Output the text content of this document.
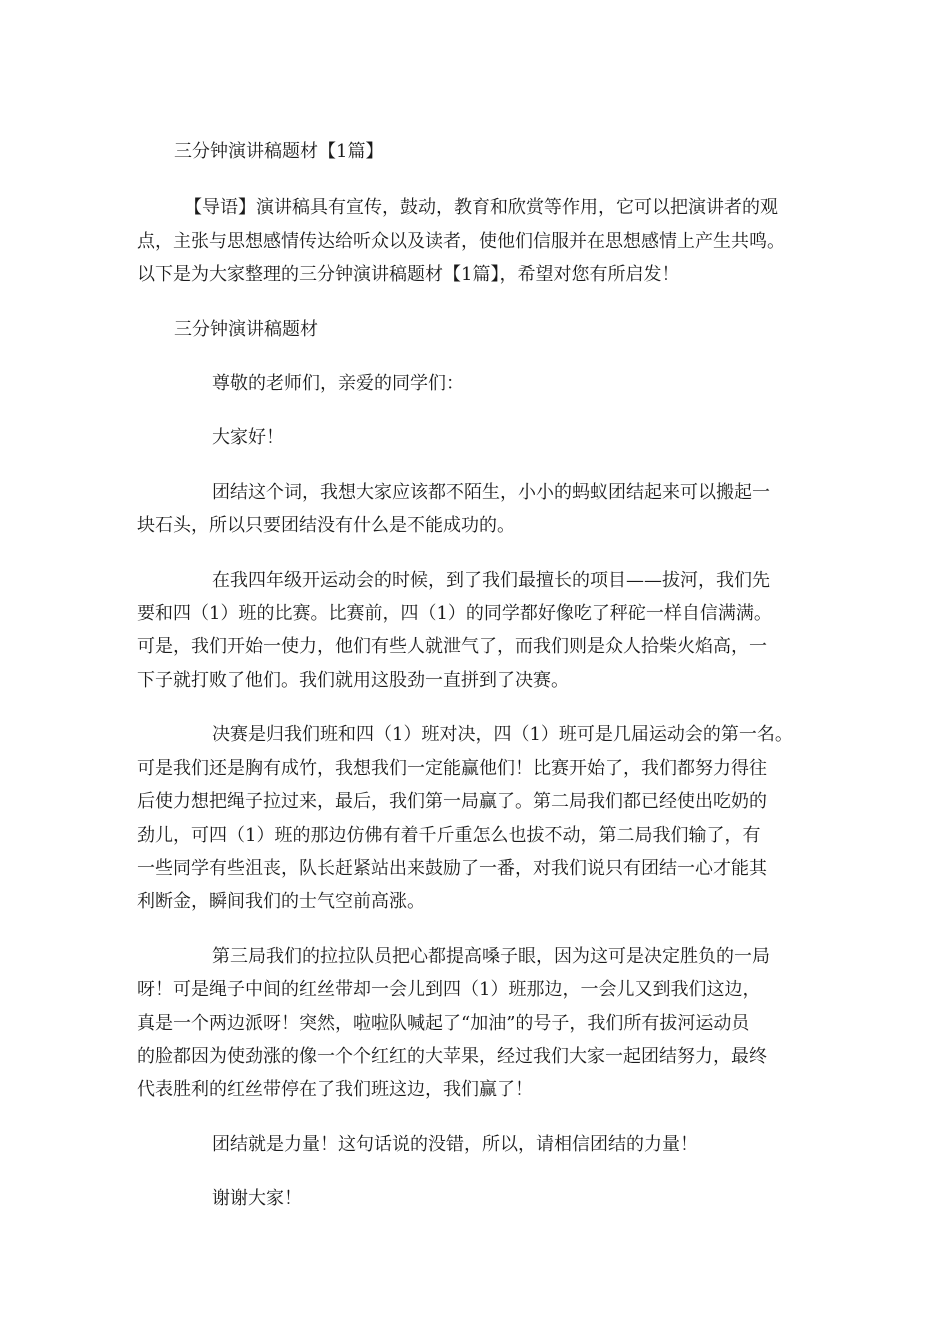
三分钟演讲稿题材【1篇】
【导语】演讲稿具有宣传，鼓动，教育和欣赏等作用，它可以把演讲者的观
点，主张与思想感情传达给听众以及读者，使他们信服并在思想感情上产生共鸣。
以下是为大家整理的三分钟演讲稿题材【1篇】，希望对您有所启发！
三分钟演讲稿题材
尊敬的老师们，亲爱的同学们：
大家好！
团结这个词，我想大家应该都不陌生，小小的蚂蚁团结起来可以搬起一
块石头，所以只要团结没有什么是不能成功的。
在我四年级开运动会的时候，到了我们最擅长的项目——拔河，我们先
要和四（1）班的比赛。比赛前，四（1）的同学都好像吃了秤砣一样自信满满。
可是，我们开始一使力，他们有些人就泄气了，而我们则是众人拾柴火焰高，一
下子就打败了他们。我们就用这股劲一直拼到了决赛。
决赛是归我们班和四（1）班对决，四（1）班可是几届运动会的第一名。
可是我们还是胸有成竹，我想我们一定能赢他们！比赛开始了，我们都努力得往
后使力想把绳子拉过来，最后，我们第一局赢了。第二局我们都已经使出吃奶的
劲儿，可四（1）班的那边仿佛有着千斤重怎么也拔不动，第二局我们输了，有
一些同学有些沮丧，队长赶紧站出来鼓励了一番，对我们说只有团结一心才能其
利断金，瞬间我们的士气空前高涨。
第三局我们的拉拉队员把心都提高嗓子眼，因为这可是决定胜负的一局
呀！可是绳子中间的红丝带却一会儿到四（1）班那边，一会儿又到我们这边，
真是一个两边派呀！突然，啦啦队喊起了“加油”的号子，我们所有拔河运动员
的脸都因为使劲涨的像一个个红红的大苹果，经过我们大家一起团结努力，最终
代表胜利的红丝带停在了我们班这边，我们赢了！
团结就是力量！这句话说的没错，所以，请相信团结的力量！
谢谢大家！
